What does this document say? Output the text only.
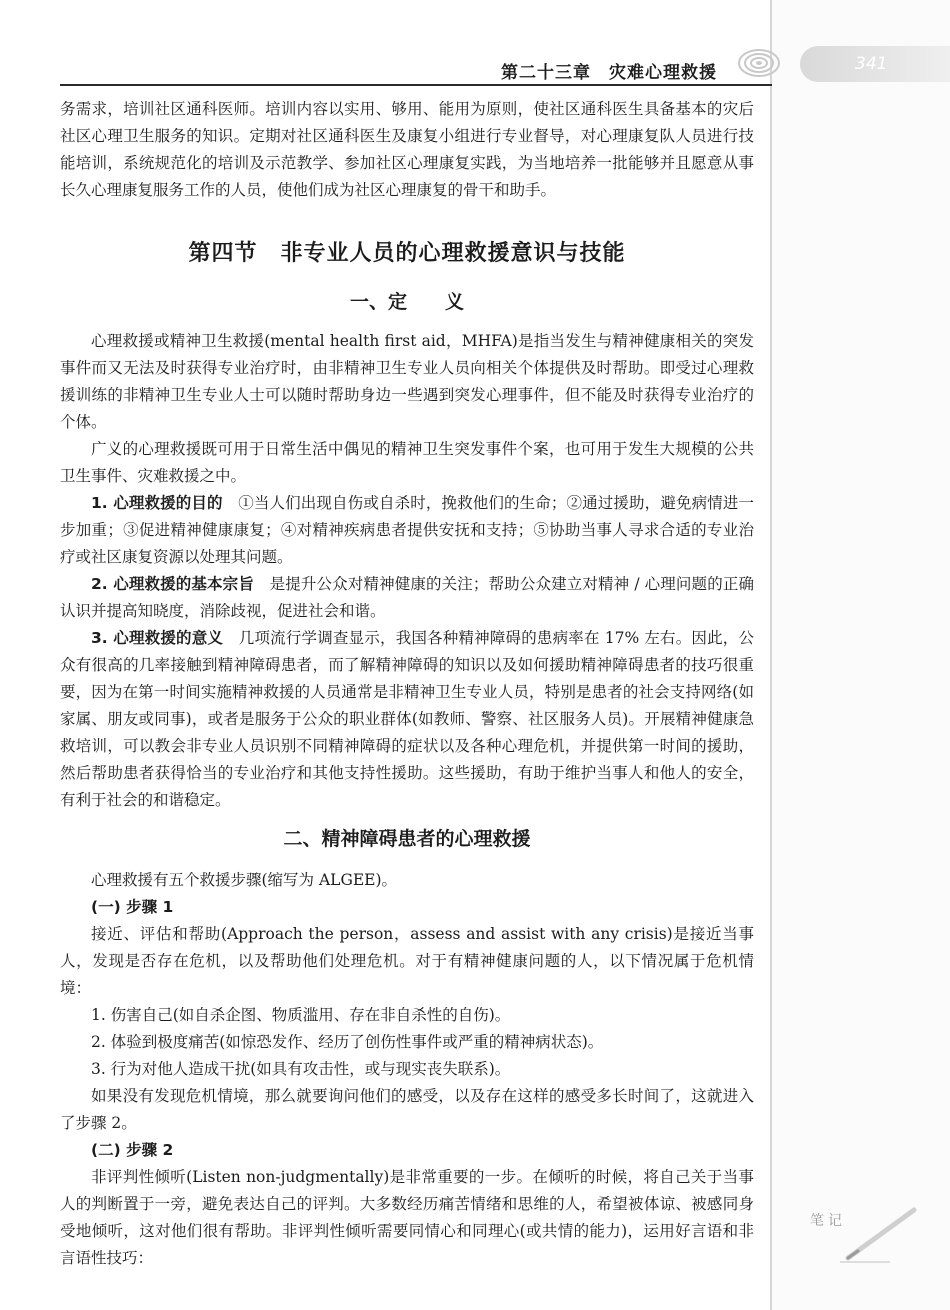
第二十三章　灾难心理救援	341

务需求，培训社区通科医师。培训内容以实用、够用、能用为原则，使社区通科医生具备基本的灾后社区心理卫生服务的知识。定期对社区通科医生及康复小组进行专业督导，对心理康复队人员进行技能培训，系统规范化的培训及示范教学、参加社区心理康复实践，为当地培养一批能够并且愿意从事长久心理康复服务工作的人员，使他们成为社区心理康复的骨干和助手。

第四节　非专业人员的心理救援意识与技能
一、定　　义

心理救援或精神卫生救援(mental health first aid，MHFA)是指当发生与精神健康相关的突发事件而又无法及时获得专业治疗时，由非精神卫生专业人员向相关个体提供及时帮助。即受过心理救援训练的非精神卫生专业人士可以随时帮助身边一些遇到突发心理事件，但不能及时获得专业治疗的个体。

广义的心理救援既可用于日常生活中偶见的精神卫生突发事件个案，也可用于发生大规模的公共卫生事件、灾难救援之中。

1. 心理救援的目的　 ①当人们出现自伤或自杀时，挽救他们的生命；②通过援助，避免病情进一步加重；③促进精神健康康复；④对精神疾病患者提供安抚和支持；⑤协助当事人寻求合适的专业治疗或社区康复资源以处理其问题。

2. 心理救援的基本宗旨　 是提升公众对精神健康的关注；帮助公众建立对精神 / 心理问题的正确认识并提高知晓度，消除歧视，促进社会和谐。

3. 心理救援的意义　 几项流行学调查显示，我国各种精神障碍的患病率在 17% 左右。因此，公众有很高的几率接触到精神障碍患者，而了解精神障碍的知识以及如何援助精神障碍患者的技巧很重要，因为在第一时间实施精神救援的人员通常是非精神卫生专业人员，特别是患者的社会支持网络(如家属、朋友或同事)，或者是服务于公众的职业群体(如教师、警察、社区服务人员)。开展精神健康急救培训，可以教会非专业人员识别不同精神障碍的症状以及各种心理危机，并提供第一时间的援助，然后帮助患者获得恰当的专业治疗和其他支持性援助。这些援助，有助于维护当事人和他人的安全，有利于社会的和谐稳定。

二、精神障碍患者的心理救援

心理救援有五个救援步骤(缩写为 ALGEE)。

(一) 步骤 1

接近、评估和帮助(Approach the person，assess and assist with any crisis)是接近当事人，发现是否存在危机，以及帮助他们处理危机。对于有精神健康问题的人，以下情况属于危机情境：

1. 伤害自己(如自杀企图、物质滥用、存在非自杀性的自伤)。

2. 体验到极度痛苦(如惊恐发作、经历了创伤性事件或严重的精神病状态)。

3. 行为对他人造成干扰(如具有攻击性，或与现实丧失联系)。

如果没有发现危机情境，那么就要询问他们的感受，以及存在这样的感受多长时间了，这就进入了步骤 2。

(二) 步骤 2

非评判性倾听(Listen non-judgmentally)是非常重要的一步。在倾听的时候，将自己关于当事人的判断置于一旁，避免表达自己的评判。大多数经历痛苦情绪和思维的人，希望被体谅、被感同身受地倾听，这对他们很有帮助。非评判性倾听需要同情心和同理心(或共情的能力)，运用好言语和非言语性技巧：

笔记
